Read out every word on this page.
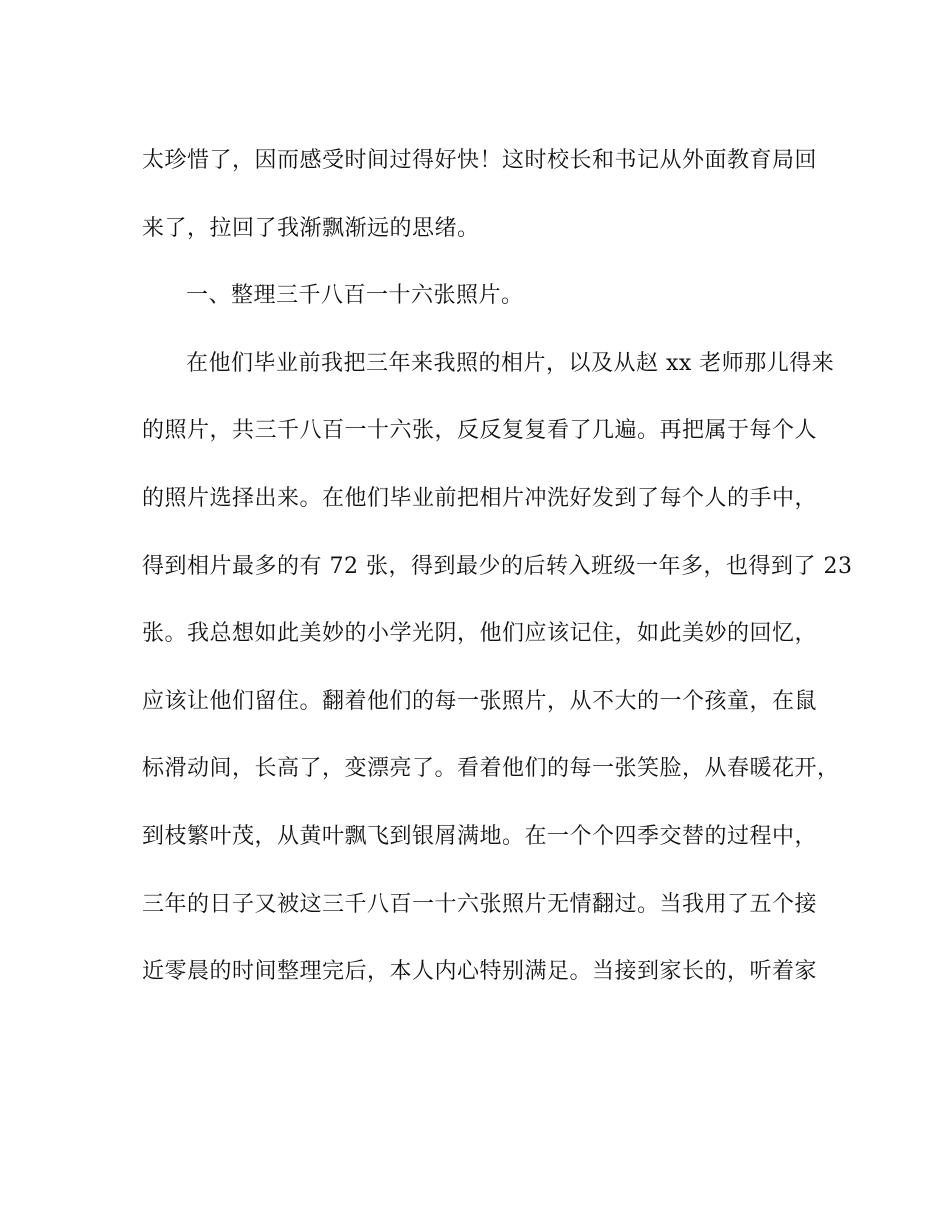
太珍惜了，因而感受时间过得好快！这时校长和书记从外面教育局回
来了，拉回了我渐飘渐远的思绪。
一、整理三千八百一十六张照片。
在他们毕业前我把三年来我照的相片，以及从赵 xx 老师那儿得来
的照片，共三千八百一十六张，反反复复看了几遍。再把属于每个人
的照片选择出来。在他们毕业前把相片冲洗好发到了每个人的手中，
得到相片最多的有 72 张，得到最少的后转入班级一年多，也得到了 23
张。我总想如此美妙的小学光阴，他们应该记住，如此美妙的回忆，
应该让他们留住。翻着他们的每一张照片，从不大的一个孩童，在鼠
标滑动间，长高了，变漂亮了。看着他们的每一张笑脸，从春暖花开，
到枝繁叶茂，从黄叶飘飞到银屑满地。在一个个四季交替的过程中，
三年的日子又被这三千八百一十六张照片无情翻过。当我用了五个接
近零晨的时间整理完后，本人内心特别满足。当接到家长的，听着家
